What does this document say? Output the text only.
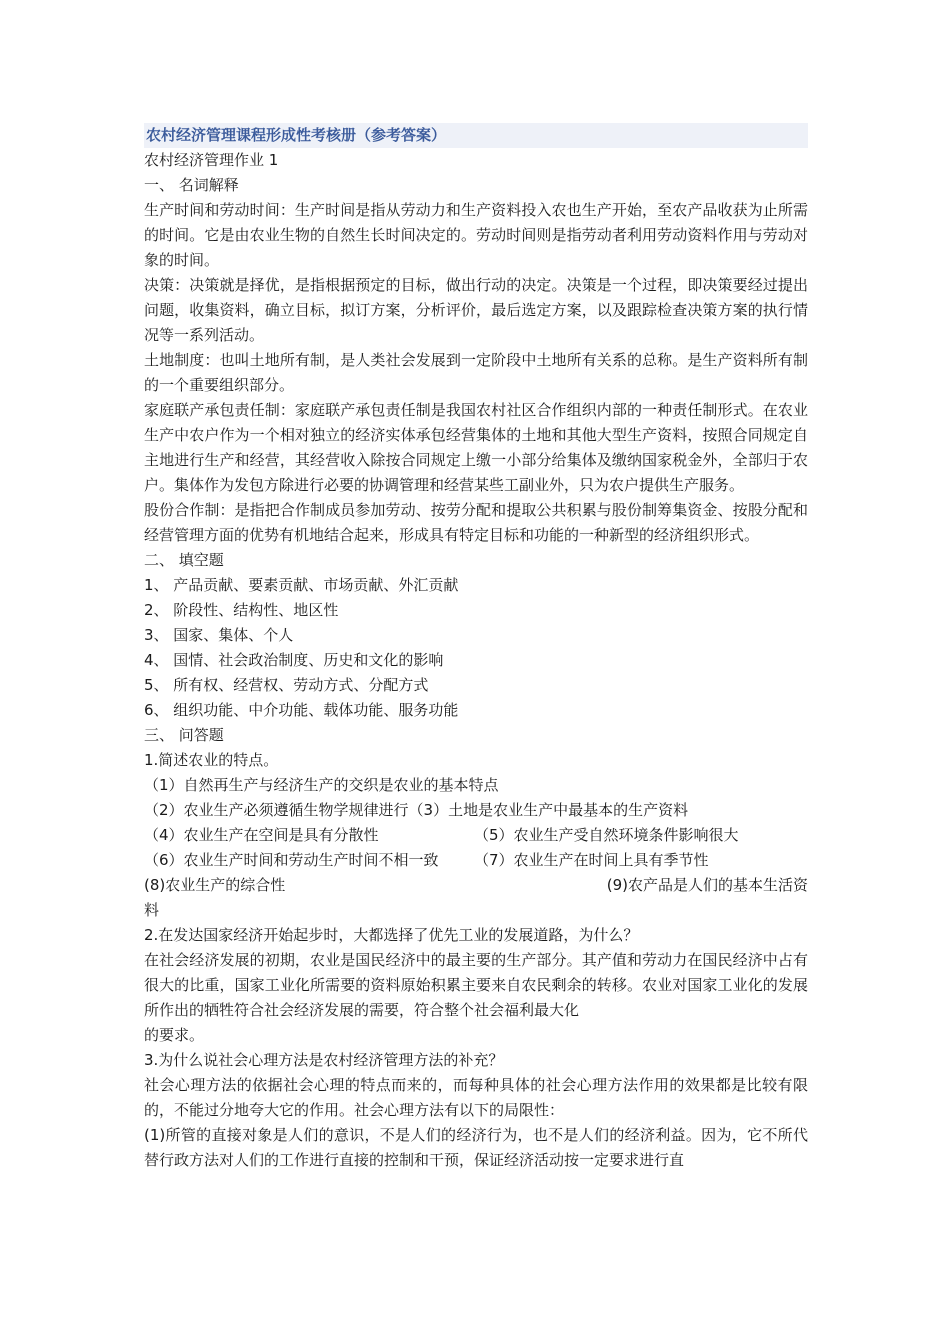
农村经济管理课程形成性考核册（参考答案）
农村经济管理作业 1
一、 名词解释
生产时间和劳动时间：生产时间是指从劳动力和生产资料投入农也生产开始，至农产品收获为止所需的时间。它是由农业生物的自然生长时间决定的。劳动时间则是指劳动者利用劳动资料作用与劳动对象的时间。
决策：决策就是择优，是指根据预定的目标，做出行动的决定。决策是一个过程，即决策要经过提出问题，收集资料，确立目标，拟订方案，分析评价，最后选定方案，以及跟踪检查决策方案的执行情况等一系列活动。
土地制度：也叫土地所有制，是人类社会发展到一定阶段中土地所有关系的总称。是生产资料所有制的一个重要组织部分。
家庭联产承包责任制：家庭联产承包责任制是我国农村社区合作组织内部的一种责任制形式。在农业生产中农户作为一个相对独立的经济实体承包经营集体的土地和其他大型生产资料，按照合同规定自主地进行生产和经营，其经营收入除按合同规定上缴一小部分给集体及缴纳国家税金外，全部归于农户。集体作为发包方除进行必要的协调管理和经营某些工副业外，只为农户提供生产服务。
股份合作制：是指把合作制成员参加劳动、按劳分配和提取公共积累与股份制筹集资金、按股分配和经营管理方面的优势有机地结合起来，形成具有特定目标和功能的一种新型的经济组织形式。
二、 填空题
1、 产品贡献、要素贡献、市场贡献、外汇贡献
2、 阶段性、结构性、地区性
3、 国家、集体、个人
4、 国情、社会政治制度、历史和文化的影响
5、 所有权、经营权、劳动方式、分配方式
6、 组织功能、中介功能、载体功能、服务功能
三、 问答题
1.简述农业的特点。
（1）自然再生产与经济生产的交织是农业的基本特点
（2）农业生产必须遵循生物学规律进行（3）土地是农业生产中最基本的生产资料
（4）农业生产在空间是具有分散性	（5）农业生产受自然环境条件影响很大
（6）农业生产时间和劳动生产时间不相一致	（7）农业生产在时间上具有季节性
(8)农业生产的综合性	(9)农产品是人们的基本生活资
料
2.在发达国家经济开始起步时，大都选择了优先工业的发展道路，为什么？
在社会经济发展的初期，农业是国民经济中的最主要的生产部分。其产值和劳动力在国民经济中占有很大的比重，国家工业化所需要的资料原始积累主要来自农民剩余的转移。农业对国家工业化的发展所作出的牺牲符合社会经济发展的需要，符合整个社会福利最大化
的要求。
3.为什么说社会心理方法是农村经济管理方法的补充？
社会心理方法的依据社会心理的特点而来的，而每种具体的社会心理方法作用的效果都是比较有限的，不能过分地夸大它的作用。社会心理方法有以下的局限性：
(1)所管的直接对象是人们的意识，不是人们的经济行为，也不是人们的经济利益。因为，它不所代替行政方法对人们的工作进行直接的控制和干预，保证经济活动按一定要求进行直
